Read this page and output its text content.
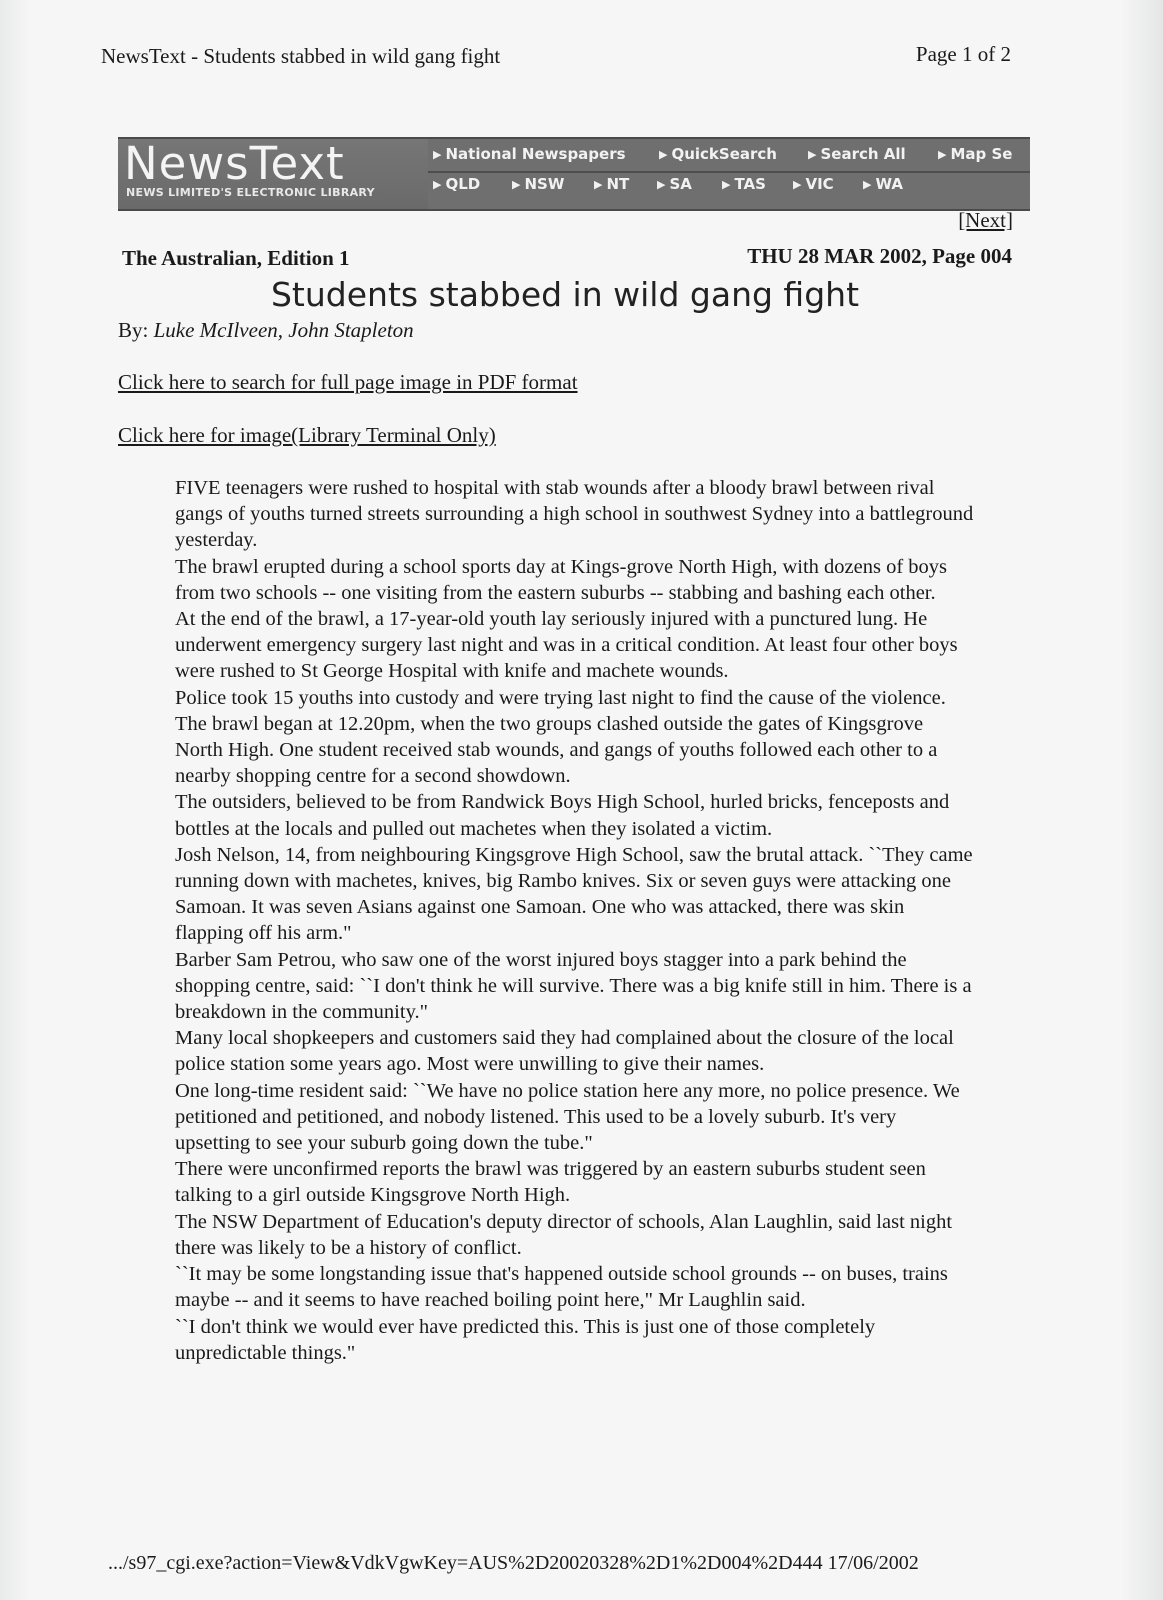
NewsText - Students stabbed in wild gang fight	Page 1 of 2
NewsText
NEWS LIMITED'S ELECTRONIC LIBRARY
▶ National Newspapers	▶ QuickSearch	▶ Search All	▶ Map Se
▶ QLD	▶ NSW	▶ NT	▶ SA	▶ TAS ▶ VIC	▶ WA
[Next]
The Australian, Edition 1	THU 28 MAR 2002, Page 004
Students stabbed in wild gang fight
By: Luke McIlveen, John Stapleton
Click here to search for full page image in PDF format
Click here for image(Library Terminal Only)

FIVE teenagers were rushed to hospital with stab wounds after a bloody brawl between rival gangs of youths turned streets surrounding a high school in southwest Sydney into a battleground yesterday.

The brawl erupted during a school sports day at Kings-grove North High, with dozens of boys from two schools -- one visiting from the eastern suburbs -- stabbing and bashing each other.

At the end of the brawl, a 17-year-old youth lay seriously injured with a punctured lung. He underwent emergency surgery last night and was in a critical condition. At least four other boys were rushed to St George Hospital with knife and machete wounds.

Police took 15 youths into custody and were trying last night to find the cause of the violence.

The brawl began at 12.20pm, when the two groups clashed outside the gates of Kingsgrove North High. One student received stab wounds, and gangs of youths followed each other to a nearby shopping centre for a second showdown.

The outsiders, believed to be from Randwick Boys High School, hurled bricks, fenceposts and bottles at the locals and pulled out machetes when they isolated a victim.

Josh Nelson, 14, from neighbouring Kingsgrove High School, saw the brutal attack. ``They came running down with machetes, knives, big Rambo knives. Six or seven guys were attacking one Samoan. It was seven Asians against one Samoan. One who was attacked, there was skin flapping off his arm."

Barber Sam Petrou, who saw one of the worst injured boys stagger into a park behind the shopping centre, said: ``I don't think he will survive. There was a big knife still in him. There is a breakdown in the community."

Many local shopkeepers and customers said they had complained about the closure of the local police station some years ago. Most were unwilling to give their names.

One long-time resident said: ``We have no police station here any more, no police presence. We petitioned and petitioned, and nobody listened. This used to be a lovely suburb. It's very upsetting to see your suburb going down the tube."

There were unconfirmed reports the brawl was triggered by an eastern suburbs student seen talking to a girl outside Kingsgrove North High.

The NSW Department of Education's deputy director of schools, Alan Laughlin, said last night there was likely to be a history of conflict.

``It may be some longstanding issue that's happened outside school grounds -- on buses, trains maybe -- and it seems to have reached boiling point here," Mr Laughlin said.

``I don't think we would ever have predicted this. This is just one of those completely unpredictable things."

.../s97_cgi.exe?action=View&VdkVgwKey=AUS%2D20020328%2D1%2D004%2D444 17/06/2002
